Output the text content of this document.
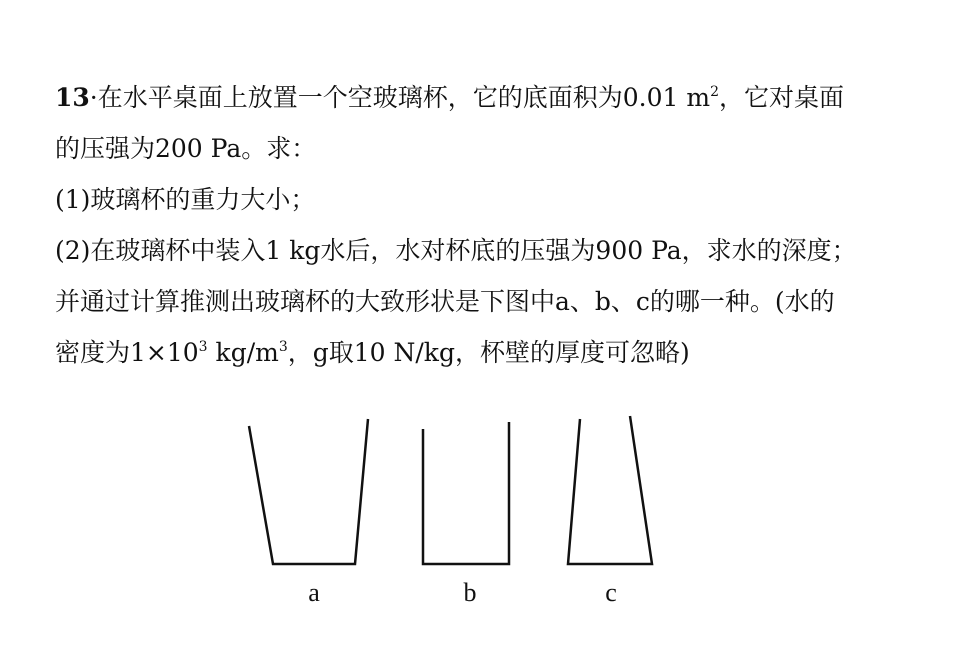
13·在水平桌面上放置一个空玻璃杯，它的底面积为0.01 $m^2$，它对桌面
的压强为200 Pa。求：
(1)玻璃杯的重力大小；
(2)在玻璃杯中装入1 kg水后，水对杯底的压强为900 Pa，求水的深度；
并通过计算推测出玻璃杯的大致形状是下图中a、b、c的哪一种。(水的
密度为$1\times 10^3$ $kg/m^3$，g取10 N/kg，杯壁的厚度可忽略)
a	b	c
